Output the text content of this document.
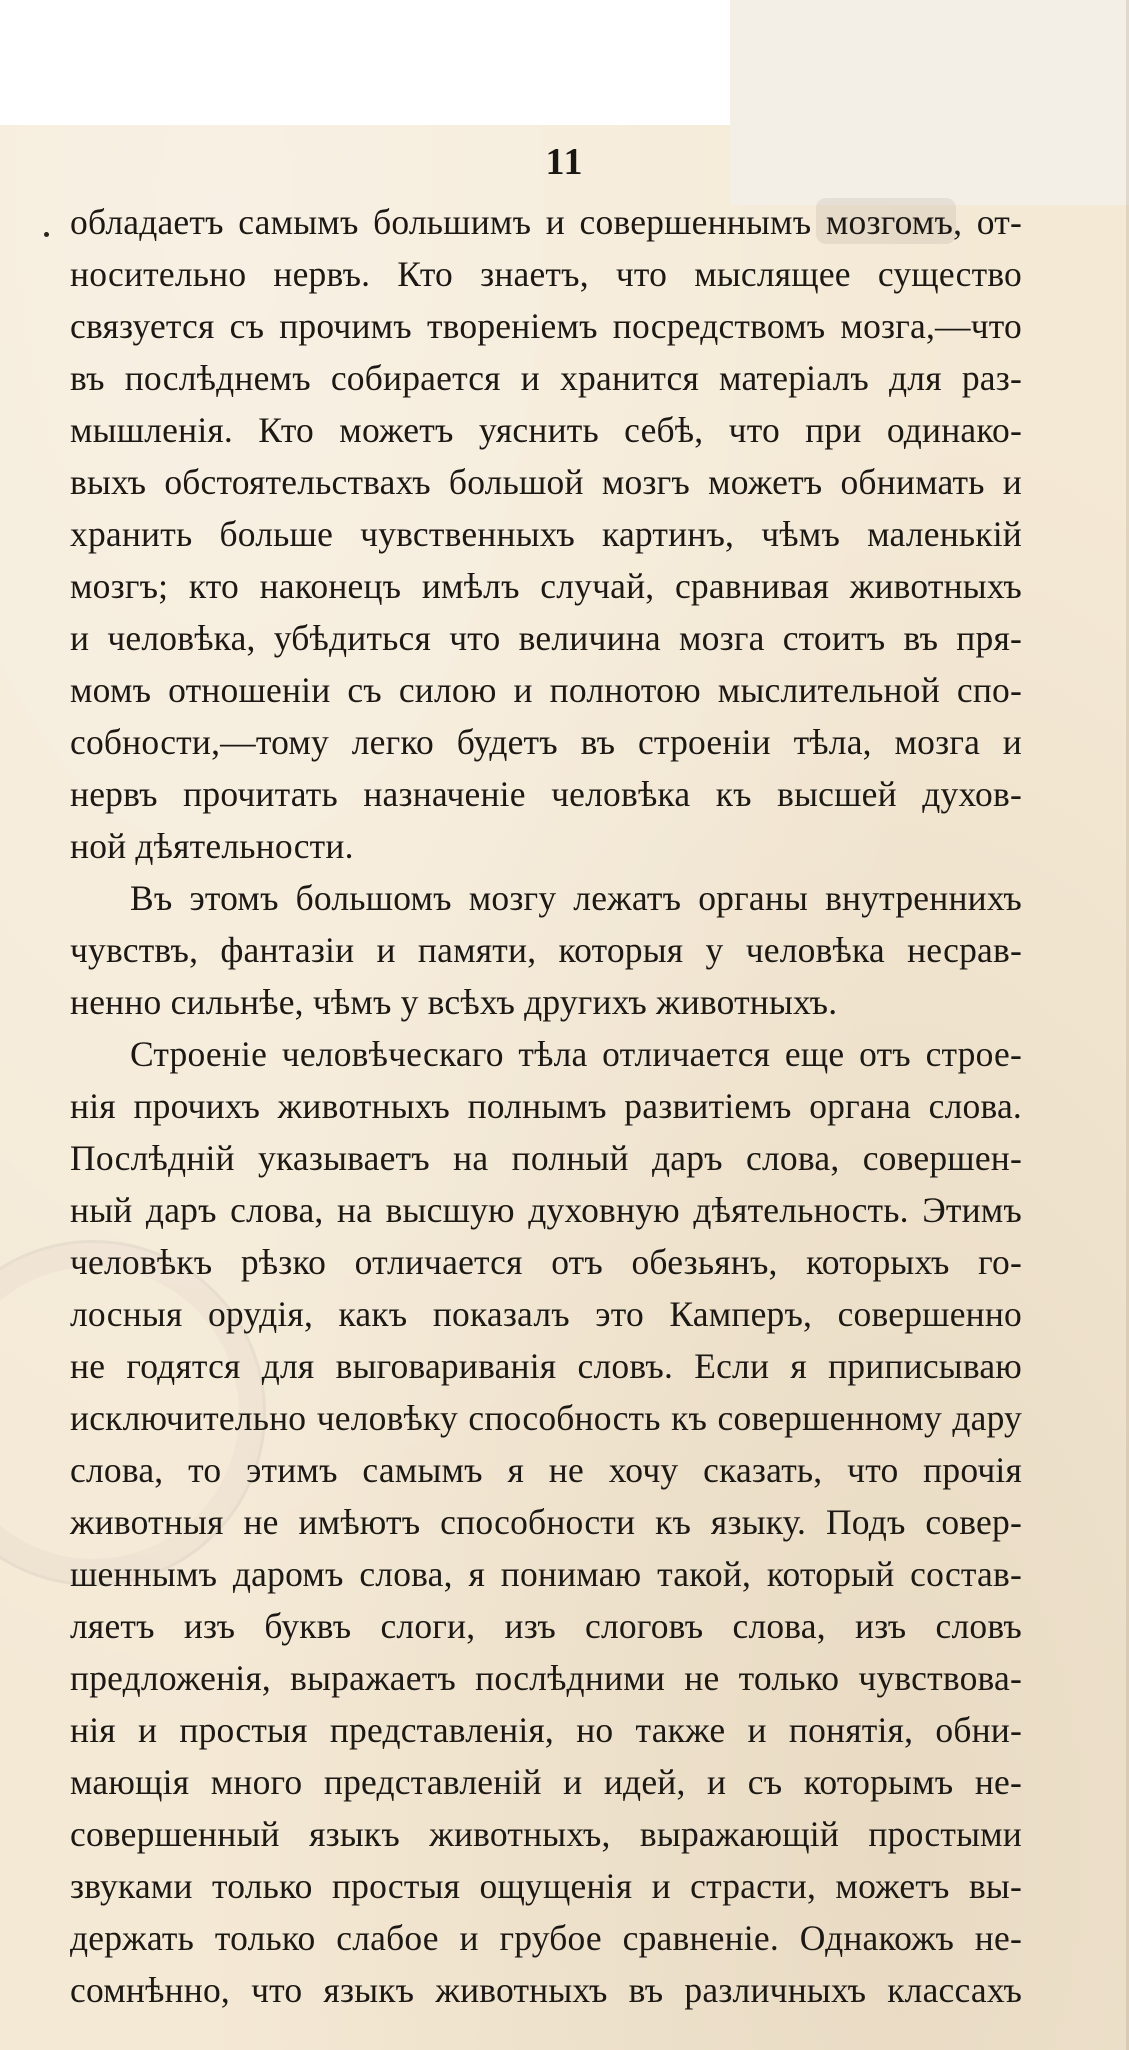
11
обладаетъ самымъ большимъ и совершеннымъ мозгомъ, от-
носительно нервъ. Кто знаетъ, что мыслящее существо
связуется съ прочимъ твореніемъ посредствомъ мозга,—что
въ послѣднемъ собирается и хранится матеріалъ для раз-
мышленія. Кто можетъ уяснить себѣ, что при одинако-
выхъ обстоятельствахъ большой мозгъ можетъ обнимать и
хранить больше чувственныхъ картинъ, чѣмъ маленькій
мозгъ; кто наконецъ имѣлъ случай, сравнивая животныхъ
и человѣка, убѣдиться что величина мозга стоитъ въ пря-
момъ отношеніи съ силою и полнотою мыслительной спо-
собности,—тому легко будетъ въ строеніи тѣла, мозга и
нервъ прочитать назначеніе человѣка къ высшей духов-
ной дѣятельности.
Въ этомъ большомъ мозгу лежатъ органы внутреннихъ
чувствъ, фантазіи и памяти, которыя у человѣка несрав-
ненно сильнѣе, чѣмъ у всѣхъ другихъ животныхъ.
Строеніе человѣческаго тѣла отличается еще отъ строе-
нія прочихъ животныхъ полнымъ развитіемъ органа слова.
Послѣдній указываетъ на полный даръ слова, совершен-
ный даръ слова, на высшую духовную дѣятельность. Этимъ
человѣкъ рѣзко отличается отъ обезьянъ, которыхъ го-
лосныя орудія, какъ показалъ это Камперъ, совершенно
не годятся для выговариванія словъ. Если я приписываю
исключительно человѣку способность къ совершенному дару
слова, то этимъ самымъ я не хочу сказать, что прочія
животныя не имѣютъ способности къ языку. Подъ совер-
шеннымъ даромъ слова, я понимаю такой, который состав-
ляетъ изъ буквъ слоги, изъ слоговъ слова, изъ словъ
предложенія, выражаетъ послѣдними не только чувствова-
нія и простыя представленія, но также и понятія, обни-
мающія много представленій и идей, и съ которымъ не-
совершенный языкъ животныхъ, выражающій простыми
звуками только простыя ощущенія и страсти, можетъ вы-
держать только слабое и грубое сравненіе. Однакожъ не-
сомнѣнно, что языкъ животныхъ въ различныхъ классахъ
